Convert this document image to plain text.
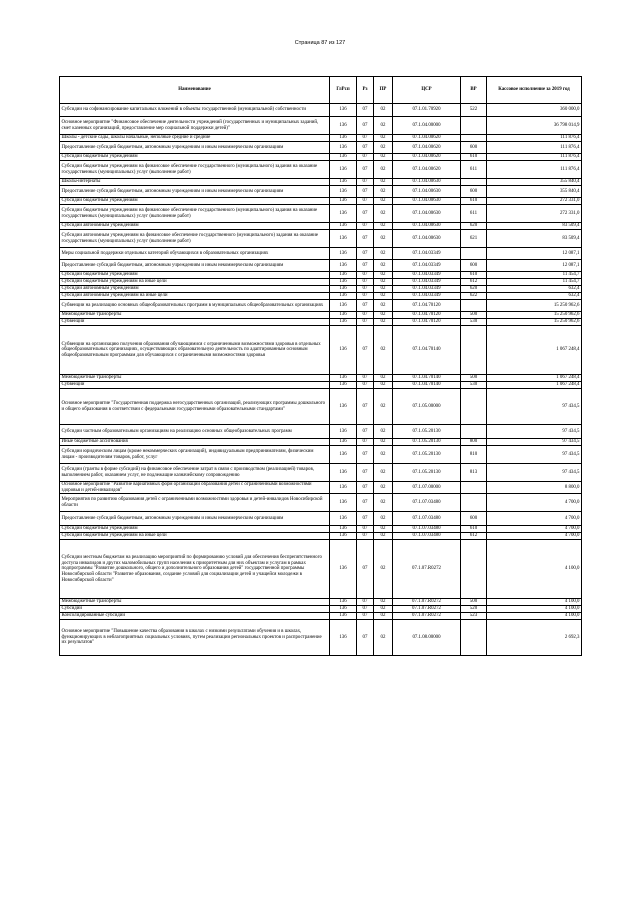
Страница 87 из 127
Наименование	ГлРсп	Рз	ПР	ЦСР	ВР	Кассовое исполнение за 2019 год
Субсидии на софинансирование капитальных вложений в объекты государственной (муниципальной) собственности	136	07	02	07.1.01.70920	522	360 000,0
Основное мероприятие "Финансовое обеспечение деятельности учреждений (государственных и муниципальных заданий, смет казенных организаций, предоставление мер социальной поддержки детей)"	136	07	02	07.1.04.00000		36 798 014,9
Школы - детские сады, школы начальные, неполные средние и средние	136	07	02	07.1.04.00620		111 876,4
Предоставление субсидий бюджетным, автономным учреждениям и иным некоммерческим организациям	136	07	02	07.1.04.00620	600	111 876,4
Субсидии бюджетным учреждениям	136	07	02	07.1.04.00620	610	111 876,4
Субсидии бюджетным учреждениям на финансовое обеспечение государственного (муниципального) задания на оказание государственных (муниципальных) услуг (выполнение работ)	136	07	02	07.1.04.00620	611	111 876,4
Школы-интернаты	136	07	02	07.1.04.00630		355 840,4
Предоставление субсидий бюджетным, автономным учреждениям и иным некоммерческим организациям	136	07	02	07.1.04.00630	600	355 840,4
Субсидии бюджетным учреждениям	136	07	02	07.1.04.00630	610	272 331,0
Субсидии бюджетным учреждениям на финансовое обеспечение государственного (муниципального) задания на оказание государственных (муниципальных) услуг (выполнение работ)	136	07	02	07.1.04.00630	611	272 331,0
Субсидии автономным учреждениям	136	07	02	07.1.04.00630	620	83 509,4
Субсидии автономным учреждениям на финансовое обеспечение государственного (муниципального) задания на оказание государственных (муниципальных) услуг (выполнение работ)	136	07	02	07.1.04.00630	621	83 509,4
Меры социальной поддержки отдельных категорий обучающихся в образовательных организациях	136	07	02	07.1.04.03349		12 087,1
Предоставление субсидий бюджетным, автономным учреждениям и иным некоммерческим организациям	136	07	02	07.1.04.03349	600	12 087,1
Субсидии бюджетным учреждениям	136	07	02	07.1.04.03349	610	11 454,7
Субсидии бюджетным учреждениям на иные цели	136	07	02	07.1.04.03349	612	11 454,7
Субсидии автономным учреждениям	136	07	02	07.1.04.03349	620	632,4
Субсидии автономным учреждениям на иные цели	136	07	02	07.1.04.03349	622	632,4
Субвенции на реализацию основных общеобразовательных программ в муниципальных общеобразовательных организациях	136	07	02	07.1.04.70120		15 250 962,6
Межбюджетные трансферты	136	07	02	07.1.04.70120	500	15 250 962,6
Субвенции	136	07	02	07.1.04.70120	530	15 250 962,6
Субвенции на организацию получения образования обучающимися с ограниченными возможностями здоровья в отдельных общеобразовательных организациях, осуществляющих образовательную деятельность по адаптированным основным общеобразовательным программам для обучающихся с ограниченными возможностями здоровья	136	07	02	07.1.04.70140		1 067 248,4
Межбюджетные трансферты	136	07	02	07.1.04.70140	500	1 067 248,4
Субвенции	136	07	02	07.1.04.70140	530	1 067 248,4
Основное мероприятие "Государственная поддержка негосударственных организаций, реализующих программы дошкольного и общего образования в соответствии с федеральными государственными образовательными стандартами"	136	07	02	07.1.05.00000		97 434,5
Субсидии частным образовательным организациям на реализацию основных общеобразовательных программ	136	07	02	07.1.05.20130		97 434,5
Иные бюджетные ассигнования	136	07	02	07.1.05.20130	800	97 434,5
Субсидии юридическим лицам (кроме некоммерческих организаций), индивидуальным предпринимателям, физическим лицам - производителям товаров, работ, услуг	136	07	02	07.1.05.20130	810	97 434,5
Субсидии (гранты в форме субсидий) на финансовое обеспечение затрат в связи с производством (реализацией) товаров, выполнением работ, оказанием услуг, не подлежащие казначейскому сопровождению	136	07	02	07.1.05.20130	813	97 434,5
Основное мероприятие "Развитие вариативных форм организации образования детей с ограниченными возможностями здоровья и детей-инвалидов"	136	07	02	07.1.07.00000		8 800,0
Мероприятия по развитию образования детей с ограниченными возможностями здоровья и детей-инвалидов Новосибирской области	136	07	02	07.1.07.03480		4 700,0
Предоставление субсидий бюджетным, автономным учреждениям и иным некоммерческим организациям	136	07	02	07.1.07.03480	600	4 700,0
Субсидии бюджетным учреждениям	136	07	02	07.1.07.03480	610	4 700,0
Субсидии бюджетным учреждениям на иные цели	136	07	02	07.1.07.03480	612	4 700,0
Субсидии местным бюджетам на реализацию мероприятий по формированию условий для обеспечения беспрепятственного доступа инвалидов и других маломобильных групп населения к приоритетным для них объектам и услугам в рамках подпрограммы "Развитие дошкольного, общего и дополнительного образования детей" государственной программы Новосибирской области "Развитие образования, создание условий для социализации детей и учащейся молодежи в Новосибирской области"	136	07	02	07.1.07.R0272		4 100,0
Межбюджетные трансферты	136	07	02	07.1.07.R0272	500	4 100,0
Субсидии	136	07	02	07.1.07.R0272	520	4 100,0
Консолидированные субсидии	136	07	02	07.1.07.R0272	523	4 100,0
Основное мероприятие "Повышение качества образования в школах с низкими результатами обучения и в школах, функционирующих в неблагоприятных социальных условиях, путем реализации региональных проектов и распространение их результатов"	136	07	02	07.1.08.00000		2 692,3
